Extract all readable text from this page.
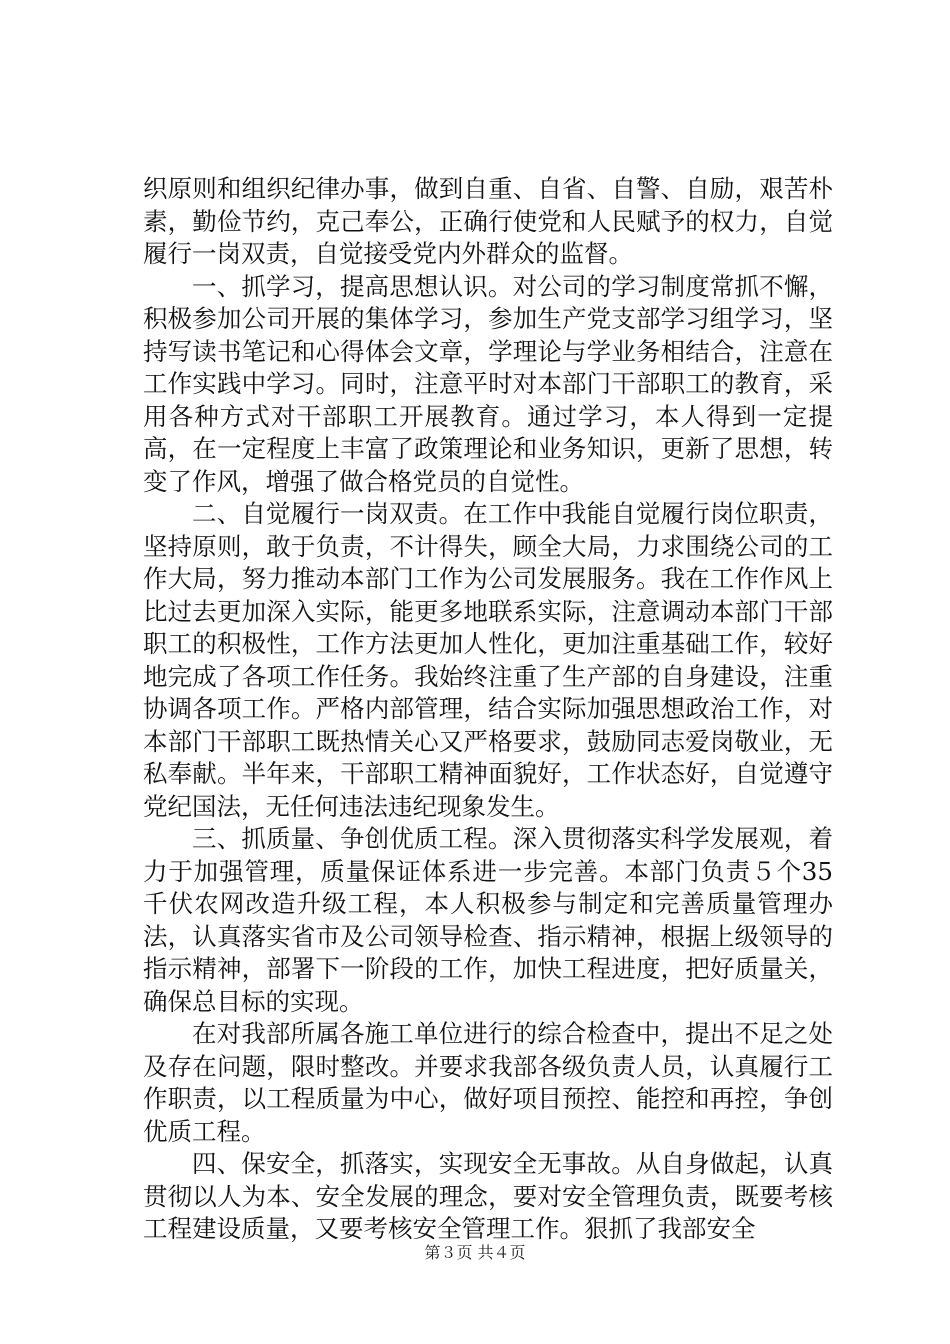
织原则和组织纪律办事，做到自重、自省、自警、自励，艰苦朴素，勤俭节约，克己奉公，正确行使党和人民赋予的权力，自觉履行一岗双责，自觉接受党内外群众的监督。

一、抓学习，提高思想认识。对公司的学习制度常抓不懈，积极参加公司开展的集体学习，参加生产党支部学习组学习，坚持写读书笔记和心得体会文章，学理论与学业务相结合，注意在工作实践中学习。同时，注意平时对本部门干部职工的教育，采用各种方式对干部职工开展教育。通过学习，本人得到一定提高，在一定程度上丰富了政策理论和业务知识，更新了思想，转变了作风，增强了做合格党员的自觉性。

二、自觉履行一岗双责。在工作中我能自觉履行岗位职责，坚持原则，敢于负责，不计得失，顾全大局，力求围绕公司的工作大局，努力推动本部门工作为公司发展服务。我在工作作风上比过去更加深入实际，能更多地联系实际，注意调动本部门干部职工的积极性，工作方法更加人性化，更加注重基础工作，较好地完成了各项工作任务。我始终注重了生产部的自身建设，注重协调各项工作。严格内部管理，结合实际加强思想政治工作，对本部门干部职工既热情关心又严格要求，鼓励同志爱岗敬业，无私奉献。半年来，干部职工精神面貌好，工作状态好，自觉遵守党纪国法，无任何违法违纪现象发生。

三、抓质量、争创优质工程。深入贯彻落实科学发展观，着力于加强管理，质量保证体系进一步完善。本部门负责５个35千伏农网改造升级工程，本人积极参与制定和完善质量管理办法，认真落实省市及公司领导检查、指示精神，根据上级领导的指示精神，部署下一阶段的工作，加快工程进度，把好质量关，确保总目标的实现。

在对我部所属各施工单位进行的综合检查中，提出不足之处及存在问题，限时整改。并要求我部各级负责人员，认真履行工作职责，以工程质量为中心，做好项目预控、能控和再控，争创优质工程。

四、保安全，抓落实，实现安全无事故。从自身做起，认真贯彻以人为本、安全发展的理念，要对安全管理负责，既要考核工程建设质量，又要考核安全管理工作。狠抓了我部安全

第３页 共４页
